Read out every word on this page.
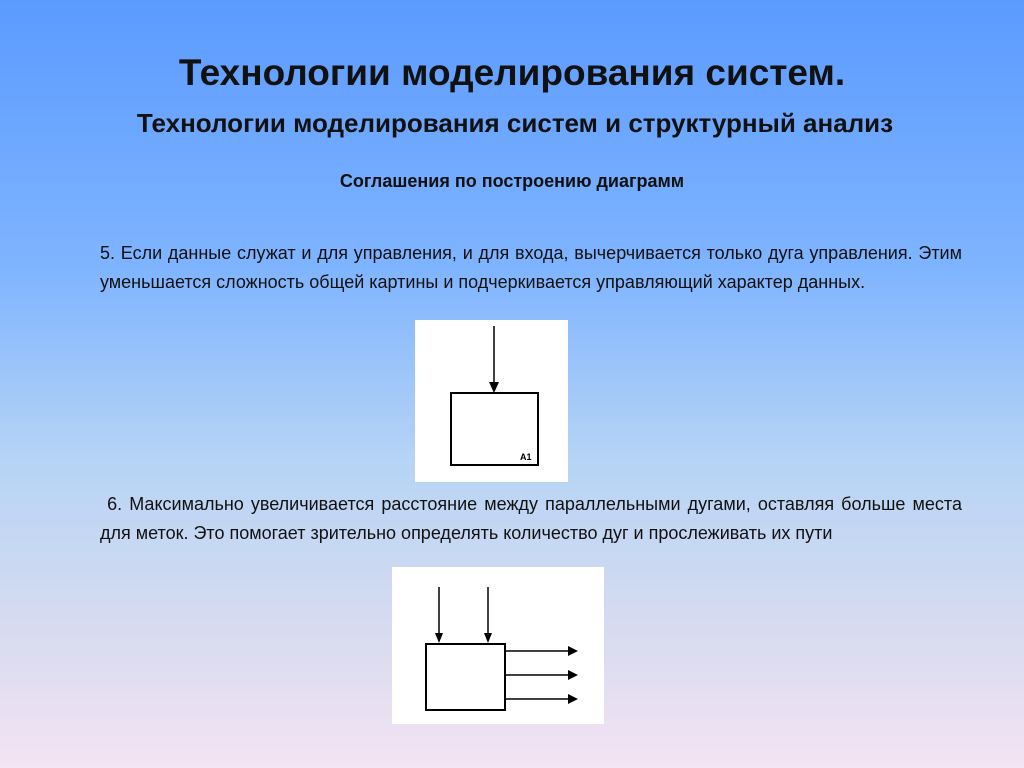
Технологии моделирования систем.
Технологии моделирования систем и структурный анализ
Соглашения по построению диаграмм

5. Если данные служат и для управления, и для входа, вычерчивается только дуга управления. Этим уменьшается сложность общей картины и подчеркивается управляющий характер данных.

A1

6. Максимально увеличивается расстояние между параллельными дугами, оставляя больше места для меток. Это помогает зрительно определять количество дуг и прослеживать их пути
